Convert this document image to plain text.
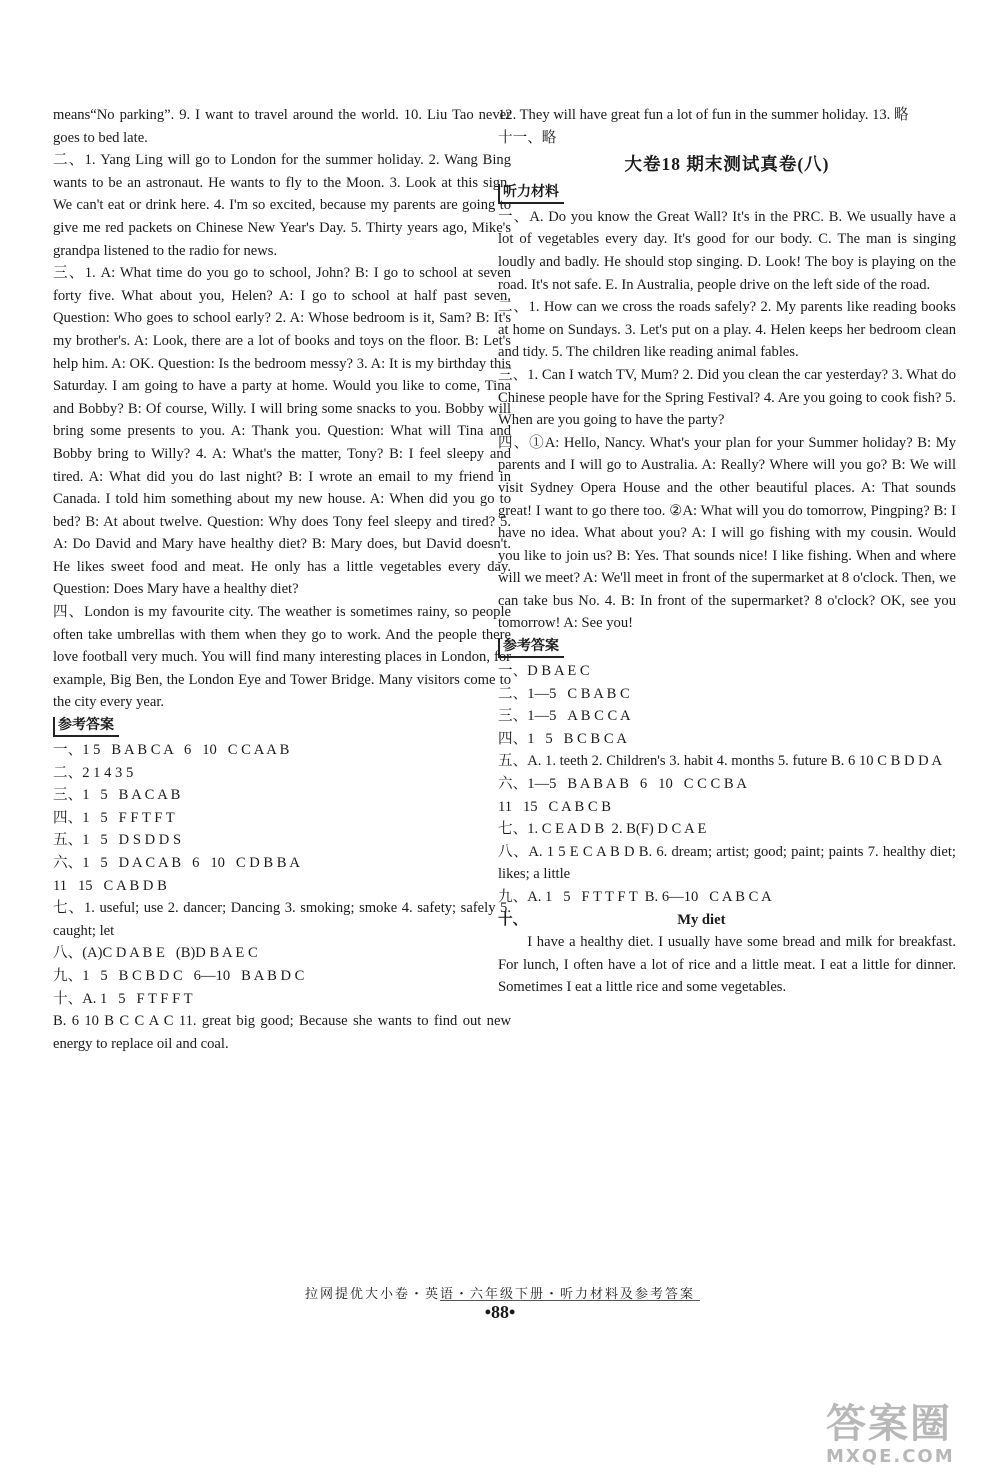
means“No parking”. 9. I want to travel around the world. 10. Liu Tao never goes to bed late.

二、1. Yang Ling will go to London for the summer holiday. 2. Wang Bing wants to be an astronaut. He wants to fly to the Moon. 3. Look at this sign. We can't eat or drink here. 4. I'm so excited, because my parents are going to give me red packets on Chinese New Year's Day. 5. Thirty years ago, Mike's grandpa listened to the radio for news.

三、1. A: What time do you go to school, John? B: I go to school at seven forty five. What about you, Helen? A: I go to school at half past seven. Question: Who goes to school early? 2. A: Whose bedroom is it, Sam? B: It's my brother's. A: Look, there are a lot of books and toys on the floor. B: Let's help him. A: OK. Question: Is the bedroom messy? 3. A: It is my birthday this Saturday. I am going to have a party at home. Would you like to come, Tina and Bobby? B: Of course, Willy. I will bring some snacks to you. Bobby will bring some presents to you. A: Thank you. Question: What will Tina and Bobby bring to Willy? 4. A: What's the matter, Tony? B: I feel sleepy and tired. A: What did you do last night? B: I wrote an email to my friend in Canada. I told him something about my new house. A: When did you go to bed? B: At about twelve. Question: Why does Tony feel sleepy and tired? 5. A: Do David and Mary have healthy diet? B: Mary does, but David doesn't. He likes sweet food and meat. He only has a little vegetables every day. Question: Does Mary have a healthy diet?

四、London is my favourite city. The weather is sometimes rainy, so people often take umbrellas with them when they go to work. And the people there love football very much. You will find many interesting places in London, for example, Big Ben, the London Eye and Tower Bridge. Many visitors come to the city every year.

参考答案

一、1 5   B A B C A   6   10   C C A A B

二、2 1 4 3 5

三、1   5   B A C A B

四、1   5   F F T F T

五、1   5   D S D D S

六、1   5   D A C A B   6   10   C D B B A

11   15   C A B D B

七、1. useful; use 2. dancer; Dancing 3. smoking; smoke 4. safety; safely 5. caught; let

八、(A)C D A B E   (B)D B A E C

九、1   5   B C B D C   6—10   B A B D C

十、A. 1   5   F T F F T

B. 6 10 B C C A C 11. great big good; Because she wants to find out new energy to replace oil and coal.

12. They will have great fun a lot of fun in the summer holiday. 13. 略

十一、略

大卷18 期末测试真卷(八)
听力材料

一、A. Do you know the Great Wall? It's in the PRC. B. We usually have a lot of vegetables every day. It's good for our body. C. The man is singing loudly and badly. He should stop singing. D. Look! The boy is playing on the road. It's not safe. E. In Australia, people drive on the left side of the road.

二、1. How can we cross the roads safely? 2. My parents like reading books at home on Sundays. 3. Let's put on a play. 4. Helen keeps her bedroom clean and tidy. 5. The children like reading animal fables.

三、1. Can I watch TV, Mum? 2. Did you clean the car yesterday? 3. What do Chinese people have for the Spring Festival? 4. Are you going to cook fish? 5. When are you going to have the party?

四、①A: Hello, Nancy. What's your plan for your Summer holiday? B: My parents and I will go to Australia. A: Really? Where will you go? B: We will visit Sydney Opera House and the other beautiful places. A: That sounds great! I want to go there too. ②A: What will you do tomorrow, Pingping? B: I have no idea. What about you? A: I will go fishing with my cousin. Would you like to join us? B: Yes. That sounds nice! I like fishing. When and where will we meet? A: We'll meet in front of the supermarket at 8 o'clock. Then, we can take bus No. 4. B: In front of the supermarket? 8 o'clock? OK, see you tomorrow! A: See you!

参考答案

一、D B A E C

二、1—5   C B A B C

三、1—5   A B C C A

四、1   5   B C B C A

五、A. 1. teeth 2. Children's 3. habit 4. months 5. future B. 6 10 C B D D A

六、1—5   B A B A B   6   10   C C C B A

11   15   C A B C B

七、1. C E A D B  2. B(F) D C A E

八、A. 1 5 E C A B D B. 6. dream; artist; good; paint; paints 7. healthy diet; likes; a little

九、A. 1   5   F T T F T  B. 6—10   C A B C A

十、	My diet

I have a healthy diet. I usually have some bread and milk for breakfast. For lunch, I often have a lot of rice and a little meat. I eat a little for dinner. Sometimes I eat a little rice and some vegetables.

拉网提优大小卷・英语・六年级下册・听力材料及参考答案
•88•
答案圈
MXQE.COM
